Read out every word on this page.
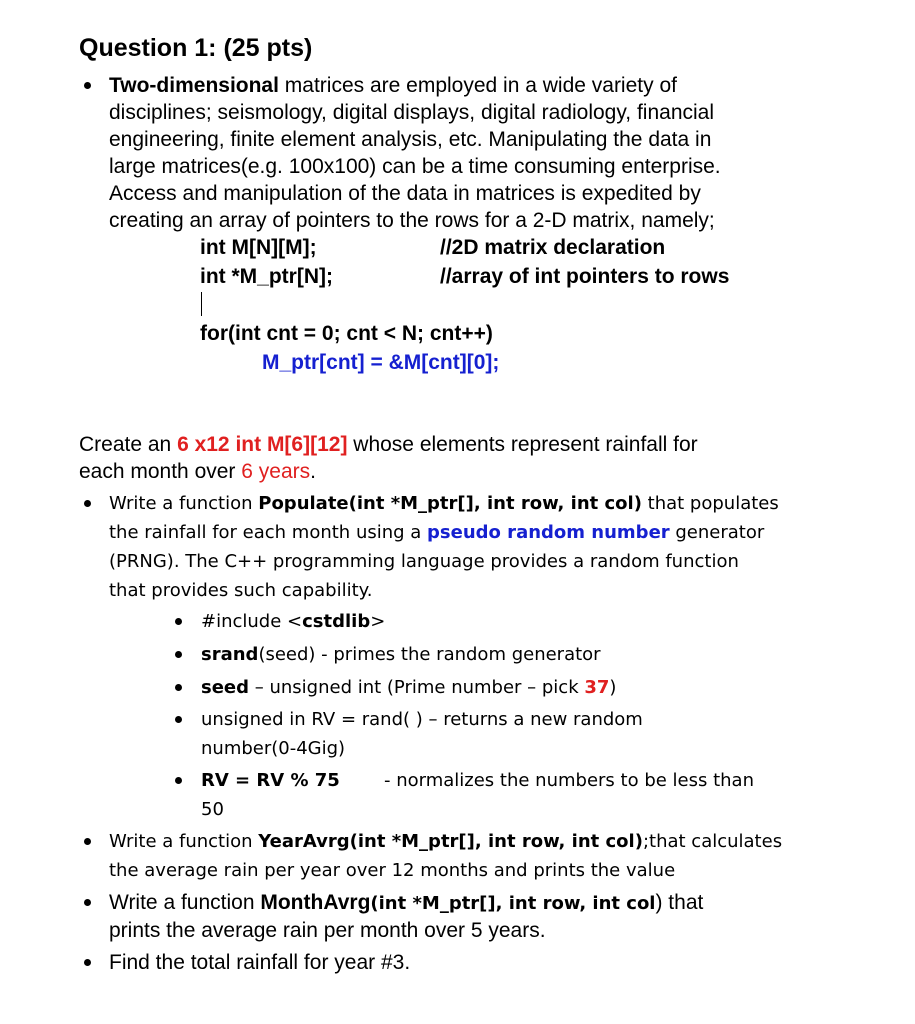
Question 1: (25 pts)
Two-dimensional matrices are employed in a wide variety of
disciplines; seismology, digital displays, digital radiology, financial
engineering, finite element analysis, etc. Manipulating the data in
large matrices(e.g. 100x100) can be a time consuming enterprise.
Access and manipulation of the data in matrices is expedited by
creating an array of pointers to the rows for a 2-D matrix, namely;
int M[N][M];	//2D matrix declaration
int *M_ptr[N];	//array of int pointers to rows
for(int cnt = 0; cnt < N; cnt++)
M_ptr[cnt] = &M[cnt][0];
Create an 6 x12 int M[6][12] whose elements represent rainfall for
each month over 6 years.
Write a function Populate(int *M_ptr[], int row, int col) that populates
the rainfall for each month using a pseudo random number generator
(PRNG). The C++ programming language provides a random function
that provides such capability.
#include <cstdlib>
srand(seed) - primes the random generator
seed – unsigned int (Prime number – pick 37)
unsigned in RV = rand( ) – returns a new random
number(0-4Gig)
RV = RV % 75 - normalizes the numbers to be less than
50
Write a function YearAvrg(int *M_ptr[], int row, int col);that calculates
the average rain per year over 12 months and prints the value
Write a function MonthAvrg(int *M_ptr[], int row, int col) that
prints the average rain per month over 5 years.
Find the total rainfall for year #3.
